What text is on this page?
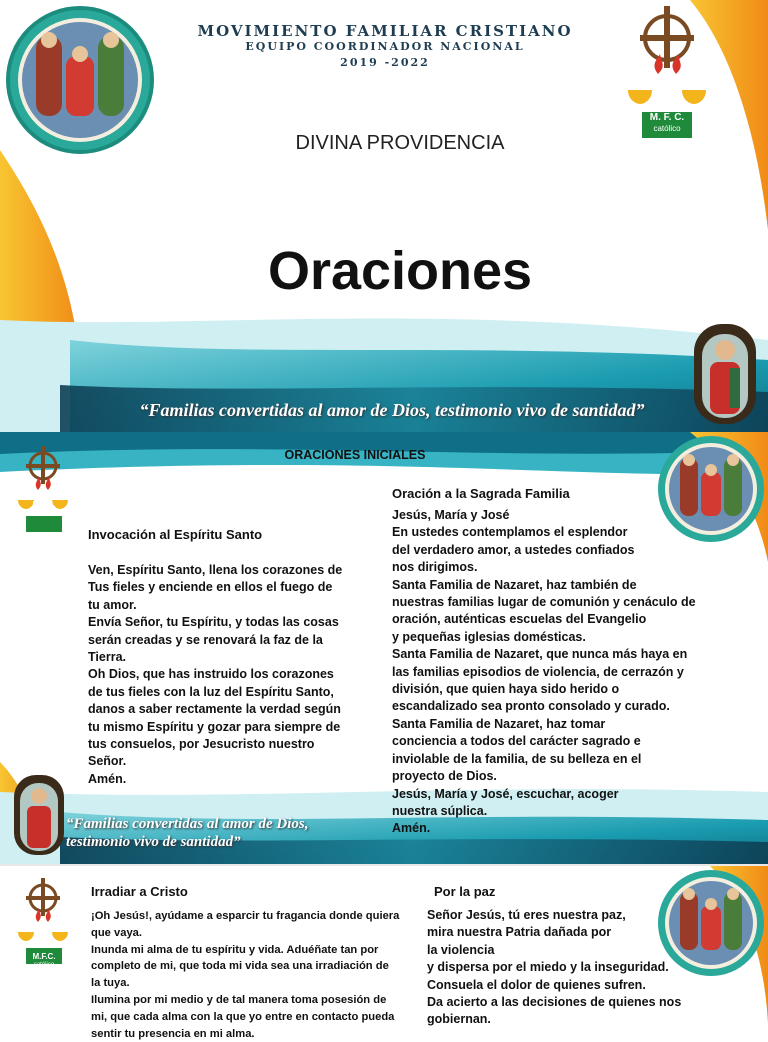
M. F. C.
católico
MOVIMIENTO FAMILIAR CRISTIANO
EQUIPO COORDINADOR NACIONAL
2019 -2022
DIVINA PROVIDENCIA
Oraciones
“Familias convertidas al amor de Dios, testimonio vivo de santidad”
M.F.C.
católico
ORACIONES INICIALES
Invocación al Espíritu Santo
Ven, Espíritu Santo, llena los corazones de
Tus fieles y enciende en ellos el fuego de
tu amor.
Envía Señor, tu Espíritu, y todas las cosas
serán creadas y se renovará la faz de la
Tierra.
Oh Dios, que has instruido los corazones
de tus fieles con la luz del Espíritu Santo,
danos a saber rectamente la verdad según
tu mismo Espíritu y gozar para siempre de
tus consuelos, por Jesucristo nuestro
Señor.
Amén.
Oración a la Sagrada Familia
Jesús, María y José
En ustedes contemplamos el esplendor
del verdadero amor, a ustedes confiados
nos dirigimos.
Santa Familia de Nazaret, haz también de
nuestras familias lugar de comunión y cenáculo de
oración, auténticas escuelas del Evangelio
y pequeñas iglesias domésticas.
Santa Familia de Nazaret, que nunca más haya en
las familias episodios de violencia, de cerrazón y
división, que quien haya sido herido o
escandalizado sea pronto consolado y curado.
Santa Familia de Nazaret, haz tomar
conciencia a todos del carácter sagrado e
inviolable de la familia, de su belleza en el
proyecto de Dios.
Jesús, María y José, escuchar, acoger
nuestra súplica.
Amén.
“Familias convertidas al amor de Dios,
testimonio vivo de santidad”
M.F.C.
católico
Irradiar a Cristo
¡Oh Jesús!, ayúdame a esparcir tu fragancia donde quiera
que vaya.
Inunda mi alma de tu espíritu y vida. Aduéñate tan por
completo de mi, que toda mi vida sea una irradiación de
la tuya.
Ilumina por mi medio y de tal manera toma posesión de
mi, que cada alma con la que yo entre en contacto pueda
sentir tu presencia en mi alma.
Por la paz
Señor Jesús, tú eres nuestra paz,
mira nuestra Patria dañada por
la violencia
y dispersa por el miedo y la inseguridad.
Consuela el dolor de quienes sufren.
Da acierto a las decisiones de quienes nos
gobiernan.
